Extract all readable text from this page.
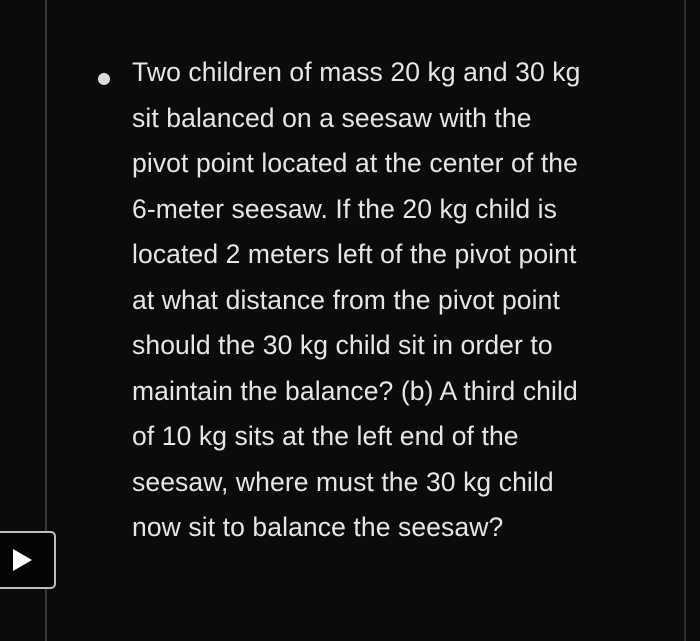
Two children of mass 20 kg and 30 kg
sit balanced on a seesaw with the
pivot point located at the center of the
6-meter seesaw. If the 20 kg child is
located 2 meters left of the pivot point
at what distance from the pivot point
should the 30 kg child sit in order to
maintain the balance? (b) A third child
of 10 kg sits at the left end of the
seesaw, where must the 30 kg child
now sit to balance the seesaw?
